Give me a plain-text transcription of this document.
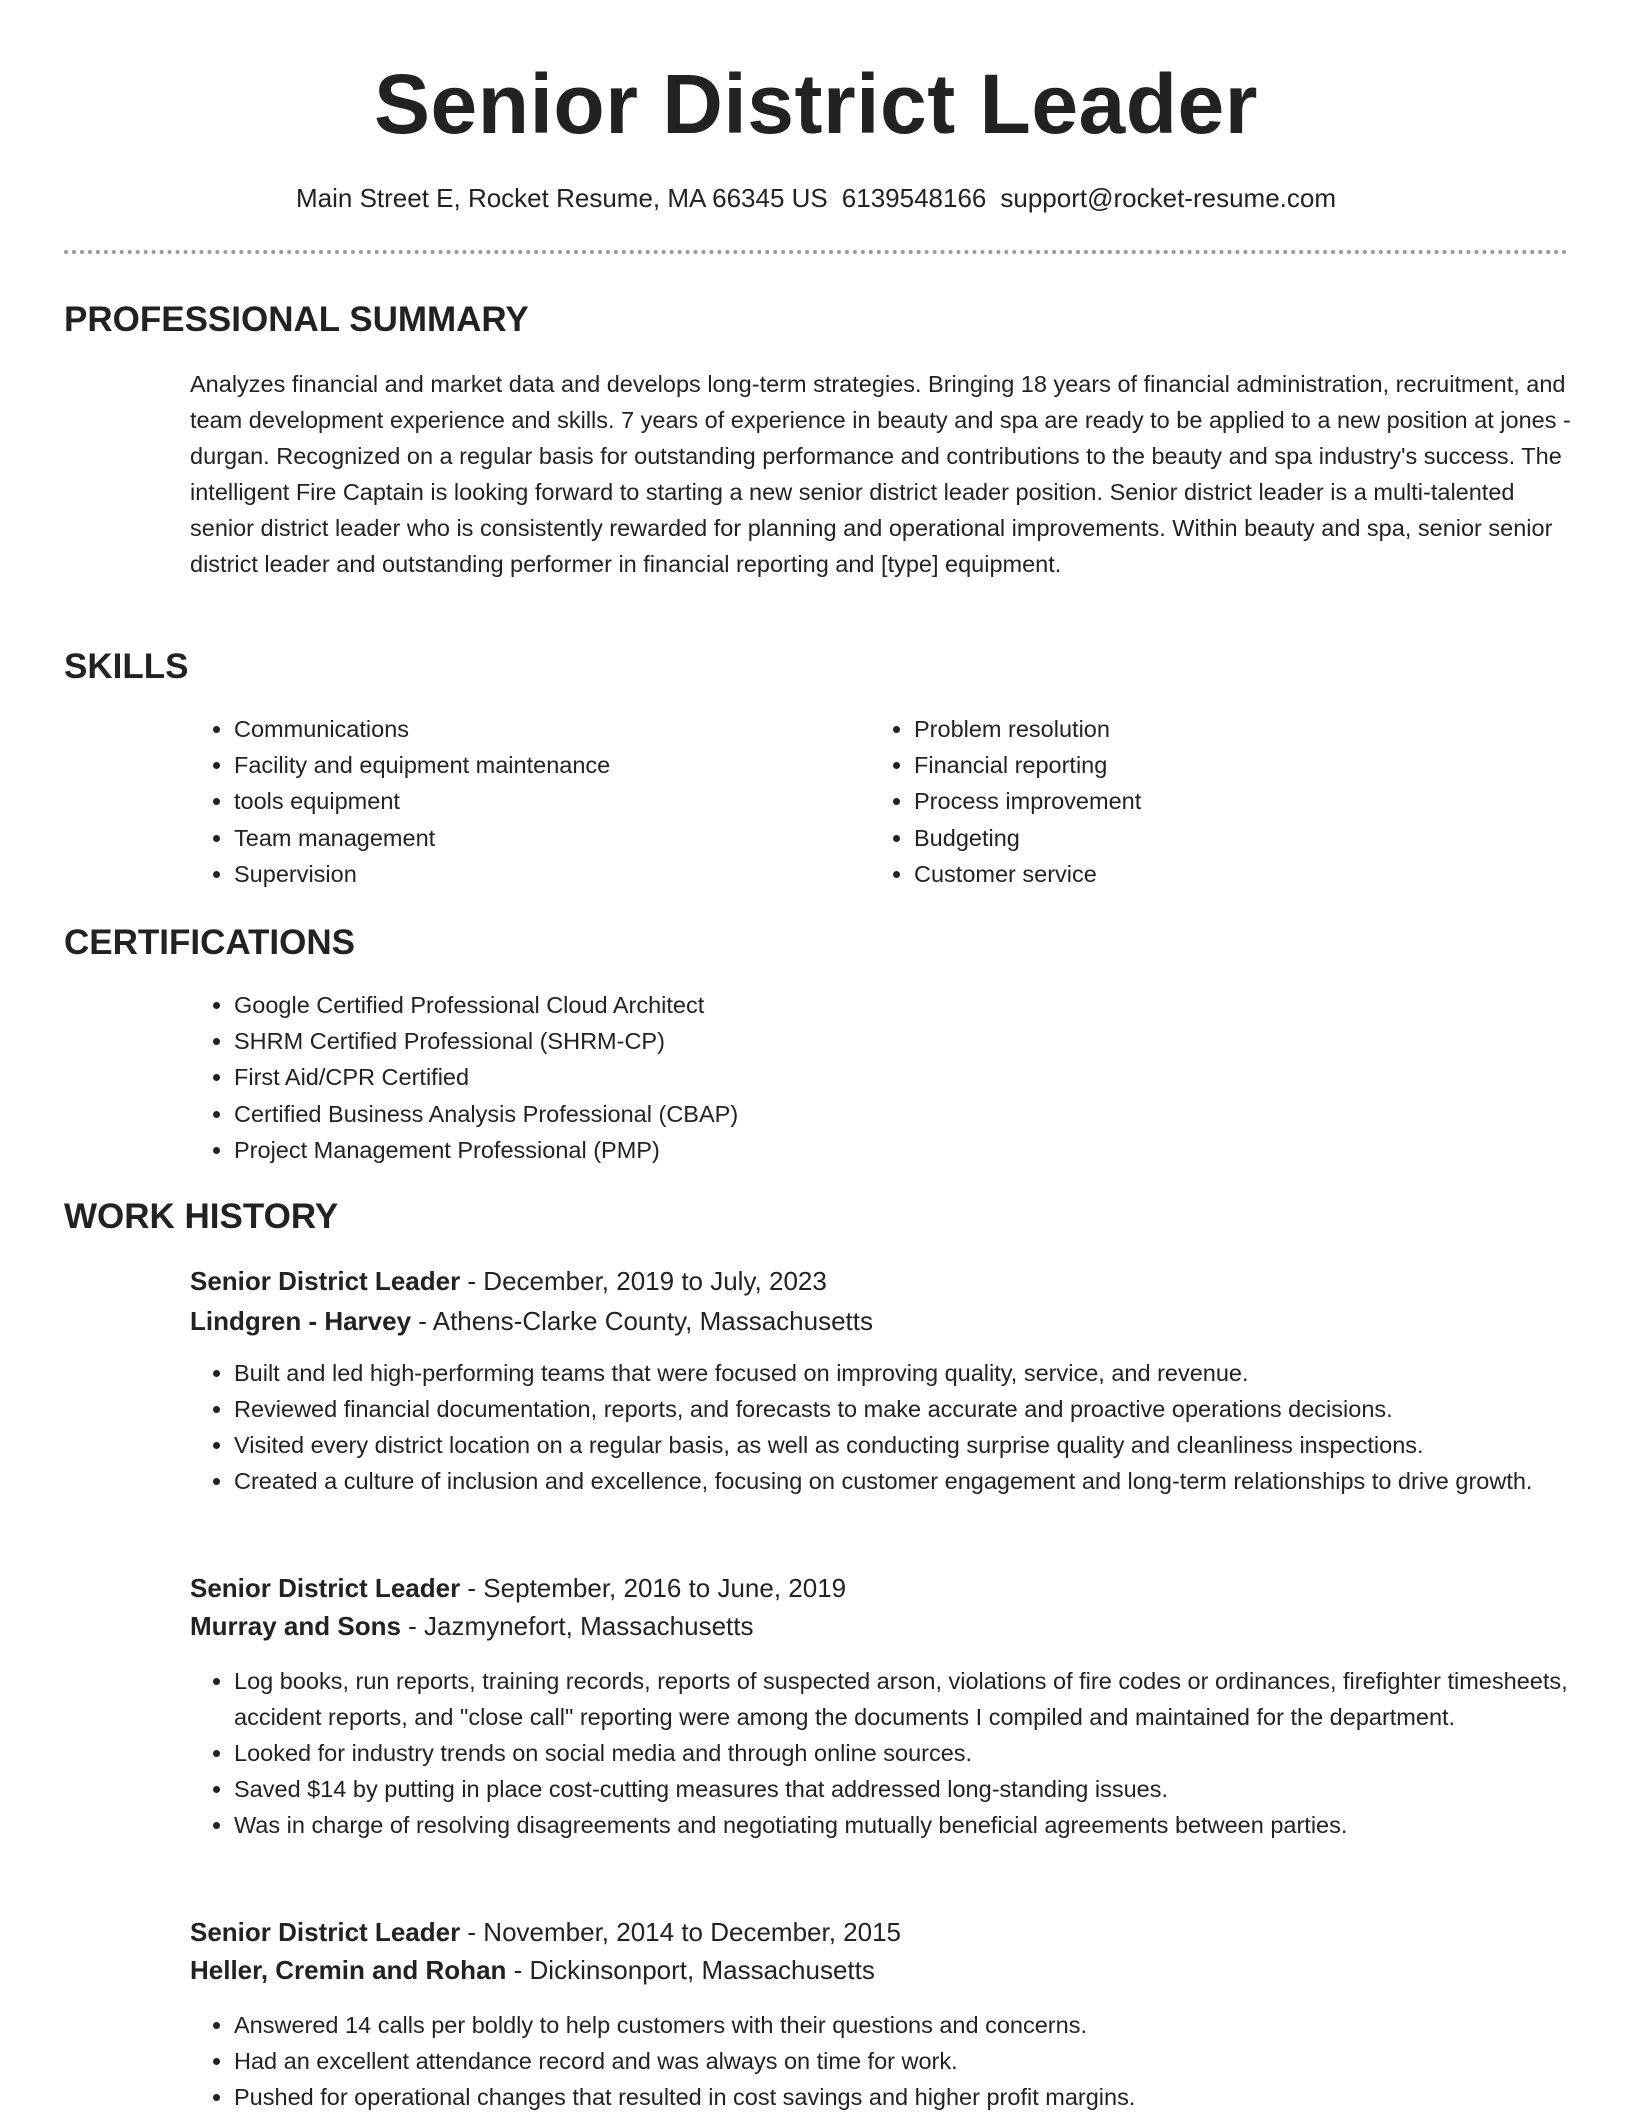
Senior District Leader
Main Street E, Rocket Resume, MA 66345 US 6139548166 support@rocket-resume.com
PROFESSIONAL SUMMARY

Analyzes financial and market data and develops long-term strategies. Bringing 18 years of financial administration, recruitment, and team development experience and skills. 7 years of experience in beauty and spa are ready to be applied to a new position at jones - durgan. Recognized on a regular basis for outstanding performance and contributions to the beauty and spa industry's success. The intelligent Fire Captain is looking forward to starting a new senior district leader position. Senior district leader is a multi-talented senior district leader who is consistently rewarded for planning and operational improvements. Within beauty and spa, senior senior district leader and outstanding performer in financial reporting and [type] equipment.

SKILLS
• Communications
• Facility and equipment maintenance
• tools equipment
• Team management
• Supervision
• Problem resolution
• Financial reporting
• Process improvement
• Budgeting
• Customer service
CERTIFICATIONS
• Google Certified Professional Cloud Architect
• SHRM Certified Professional (SHRM-CP)
• First Aid/CPR Certified
• Certified Business Analysis Professional (CBAP)
• Project Management Professional (PMP)
WORK HISTORY
Senior District Leader - December, 2019 to July, 2023
Lindgren - Harvey - Athens-Clarke County, Massachusetts
• Built and led high-performing teams that were focused on improving quality, service, and revenue.
• Reviewed financial documentation, reports, and forecasts to make accurate and proactive operations decisions.
• Visited every district location on a regular basis, as well as conducting surprise quality and cleanliness inspections.
• Created a culture of inclusion and excellence, focusing on customer engagement and long-term relationships to drive growth.
Senior District Leader - September, 2016 to June, 2019
Murray and Sons - Jazmynefort, Massachusetts
• Log books, run reports, training records, reports of suspected arson, violations of fire codes or ordinances, firefighter timesheets, accident reports, and "close call" reporting were among the documents I compiled and maintained for the department.
• Looked for industry trends on social media and through online sources.
• Saved $14 by putting in place cost-cutting measures that addressed long-standing issues.
• Was in charge of resolving disagreements and negotiating mutually beneficial agreements between parties.
Senior District Leader - November, 2014 to December, 2015
Heller, Cremin and Rohan - Dickinsonport, Massachusetts
• Answered 14 calls per boldly to help customers with their questions and concerns.
• Had an excellent attendance record and was always on time for work.
• Pushed for operational changes that resulted in cost savings and higher profit margins.
